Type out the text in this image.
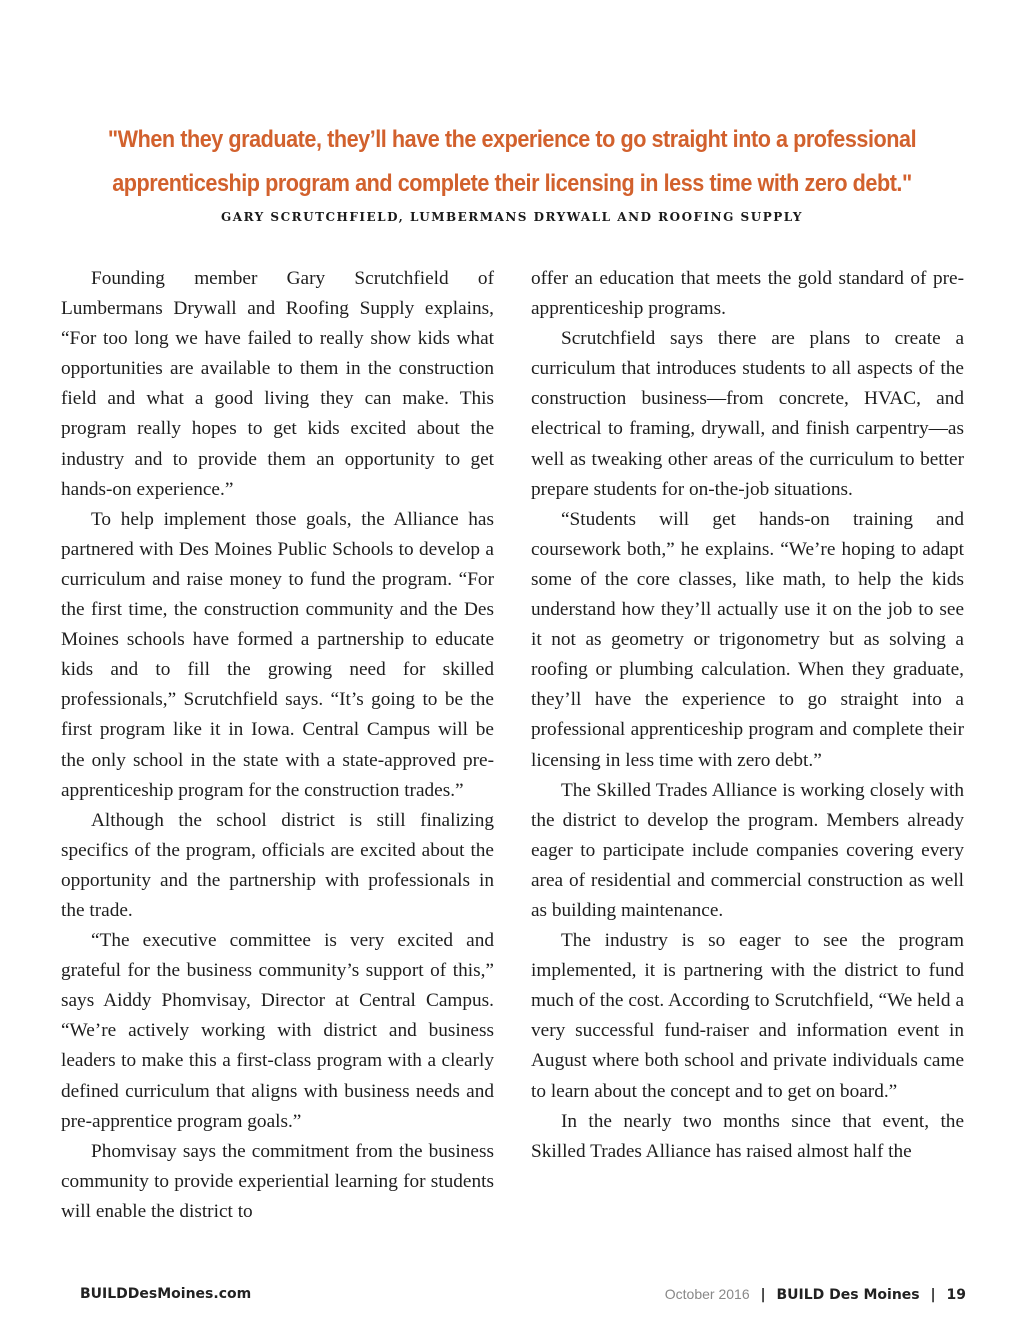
"When they graduate, they’ll have the experience to go straight into a professional
apprenticeship program and complete their licensing in less time with zero debt."
GARY SCRUTCHFIELD, LUMBERMANS DRYWALL AND ROOFING SUPPLY

Founding member Gary Scrutchfield of Lumbermans Drywall and Roofing Supply explains, “For too long we have failed to really show kids what opportunities are available to them in the construction field and what a good living they can make. This program really hopes to get kids excited about the industry and to provide them an opportunity to get hands-on experience.”

To help implement those goals, the Alliance has partnered with Des Moines Public Schools to develop a curriculum and raise money to fund the program. “For the first time, the construction community and the Des Moines schools have formed a partnership to educate kids and to fill the growing need for skilled professionals,” Scrutchfield says. “It’s going to be the first program like it in Iowa. Central Campus will be the only school in the state with a state-approved pre-apprenticeship program for the construction trades.”

Although the school district is still finalizing specifics of the program, officials are excited about the opportunity and the partnership with professionals in the trade.

“The executive committee is very excited and grateful for the business community’s support of this,” says Aiddy Phomvisay, Director at Central Campus. “We’re actively working with district and business leaders to make this a first-class program with a clearly defined curriculum that aligns with business needs and pre-apprentice program goals.”

Phomvisay says the commitment from the business community to provide experiential learning for students will enable the district to

offer an education that meets the gold standard of pre-apprenticeship programs.

Scrutchfield says there are plans to create a curriculum that introduces students to all aspects of the construction business—from concrete, HVAC, and electrical to framing, drywall, and finish carpentry—as well as tweaking other areas of the curriculum to better prepare students for on-the-job situations.

“Students will get hands-on training and coursework both,” he explains. “We’re hoping to adapt some of the core classes, like math, to help the kids understand how they’ll actually use it on the job to see it not as geometry or trigonometry but as solving a roofing or plumbing calculation. When they graduate, they’ll have the experience to go straight into a professional apprenticeship program and complete their licensing in less time with zero debt.”

The Skilled Trades Alliance is working closely with the district to develop the program. Members already eager to participate include companies covering every area of residential and commercial construction as well as building maintenance.

The industry is so eager to see the program implemented, it is partnering with the district to fund much of the cost. According to Scrutchfield, “We held a very successful fund-raiser and information event in August where both school and private individuals came to learn about the concept and to get on board.”

In the nearly two months since that event, the Skilled Trades Alliance has raised almost half the

BUILDDesMoines.com	October 2016 | BUILD Des Moines | 19
